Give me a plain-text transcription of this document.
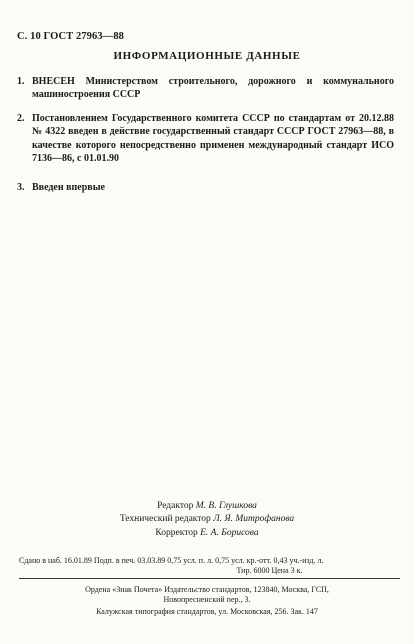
С. 10 ГОСТ 27963—88
ИНФОРМАЦИОННЫЕ ДАННЫЕ
1. ВНЕСЕН Министерством строительного, дорожного и коммунального машиностроения СССР
2. Постановлением Государственного комитета СССР по стандартам от 20.12.88 № 4322 введен в действие государственный стандарт СССР ГОСТ 27963—88, в качестве которого непосредственно применен международный стандарт ИСО 7136—86, с 01.01.90
3. Введен впервые
Редактор М. В. Глушкова
Технический редактор Л. Я. Митрофанова
Корректор Е. А. Борисова
Сдано в наб. 16.01.89 Подп. в печ. 03.03.89 0,75 усл. п. л. 0,75 усл. кр.-отт. 0,43 уч.-изд. л.
Тир. 6000 Цена 3 к.
Ордена «Знак Почета» Издательство стандартов, 123840, Москва, ГСП,
Новопресненский пер., 3.
Калужская типография стандартов, ул. Московская, 256. Зак. 147
